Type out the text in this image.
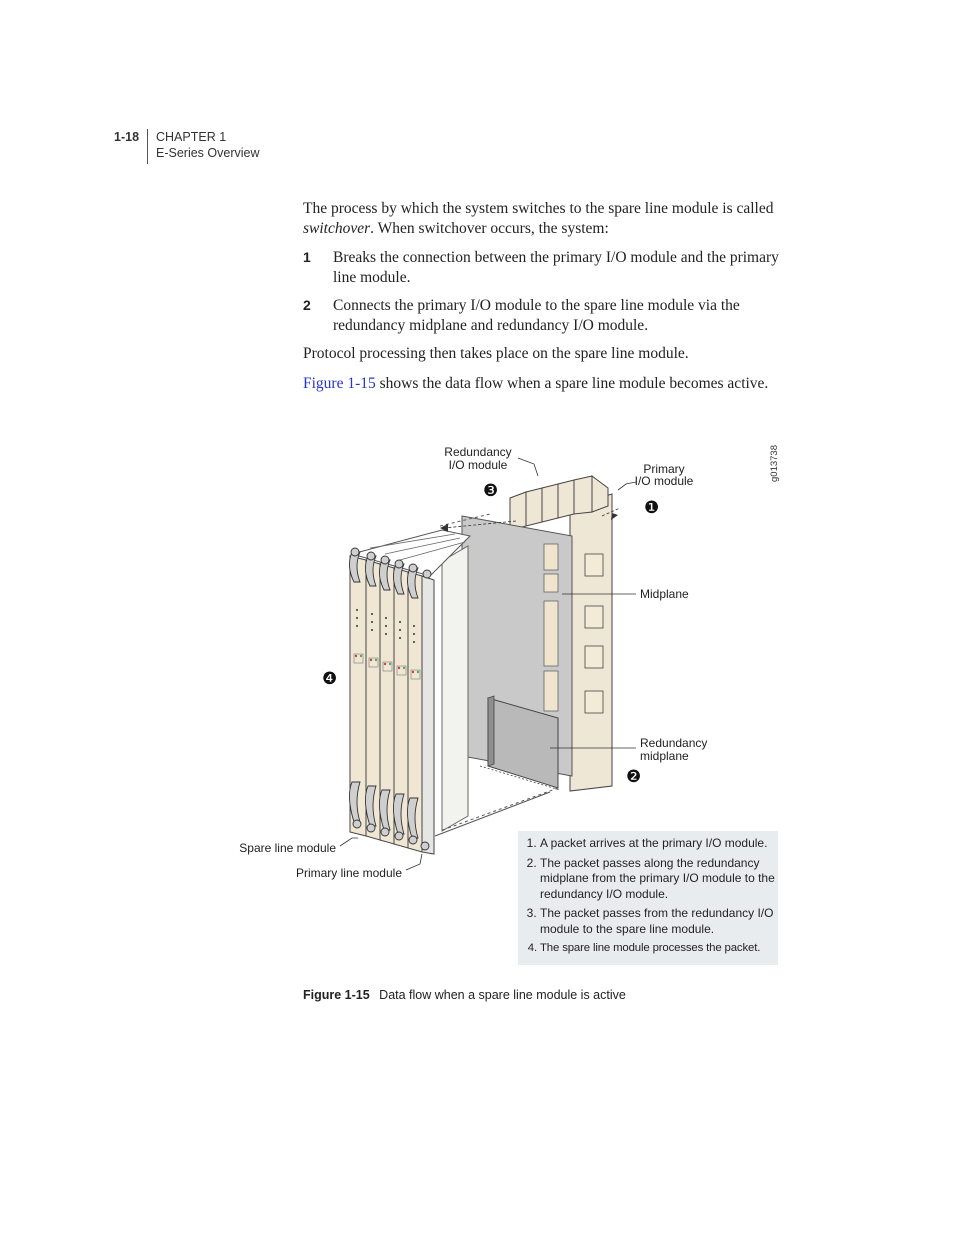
1-18 CHAPTER 1
E-Series Overview

The process by which the system switches to the spare line module is called switchover. When switchover occurs, the system:

1	Breaks the connection between the primary I/O module and the primary line module.
2	Connects the primary I/O module to the spare line module via the redundancy midplane and redundancy I/O module.

Protocol processing then takes place on the spare line module.

Figure 1-15 shows the data flow when a spare line module becomes active.

❸
❶
❹
❷
Redundancy
I/O module	Primary
I/O module
Midplane
Redundancy
midplane
Spare line module
Primary line module
g013738
1. A packet arrives at the primary I/O module.
2. The packet passes along the redundancy midplane from the primary I/O module to the redundancy I/O module.
3. The packet passes from the redundancy I/O module to the spare line module.
4. The spare line module processes the packet.
Figure 1-15 Data flow when a spare line module is active
